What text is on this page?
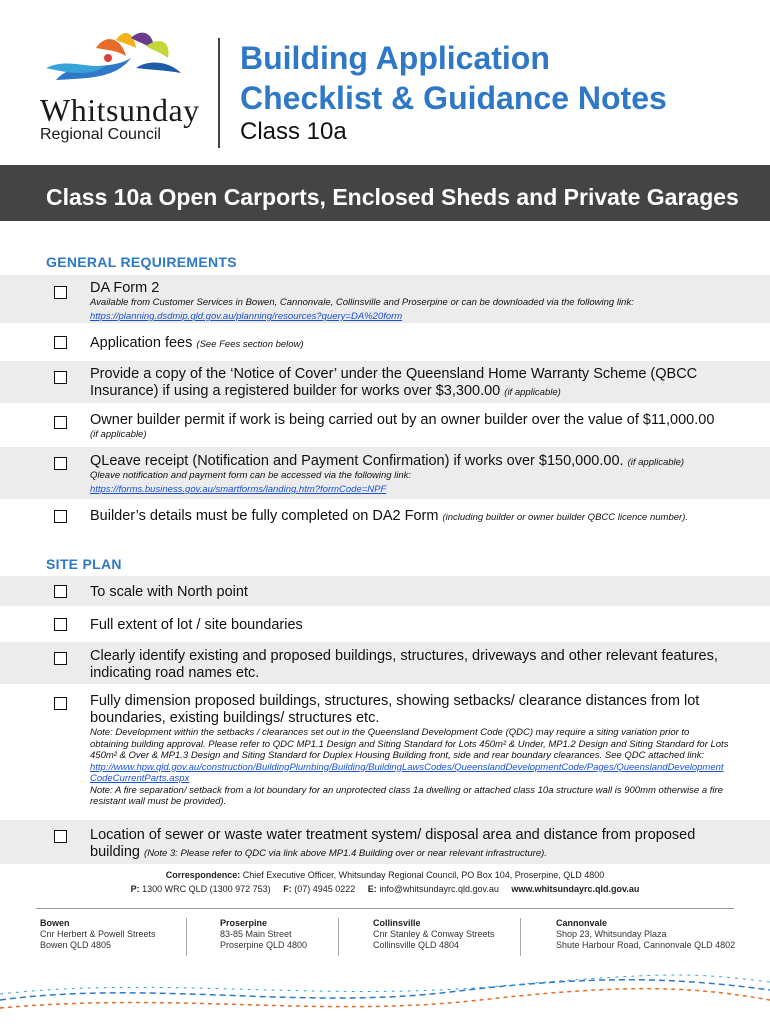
Whitsunday
Regional Council
Building Application
Checklist & Guidance Notes
Class 10a
Class 10a Open Carports, Enclosed Sheds and Private Garages
GENERAL REQUIREMENTS
DA Form 2
Available from Customer Services in Bowen, Cannonvale, Collinsville and Proserpine or can be downloaded via the following link:
https://planning.dsdmip.qld.gov.au/planning/resources?query=DA%20form
Application fees (See Fees section below)
Provide a copy of the ‘Notice of Cover’ under the Queensland Home Warranty Scheme (QBCC Insurance) if using a registered builder for works over $3,300.00 (if applicable)
Owner builder permit if work is being carried out by an owner builder over the value of $11,000.00
(if applicable)
QLeave receipt (Notification and Payment Confirmation) if works over $150,000.00. (if applicable)
Qleave notification and payment form can be accessed via the following link:
https://forms.business.gov.au/smartforms/landing.htm?formCode=NPF
Builder’s details must be fully completed on DA2 Form (including builder or owner builder QBCC licence number).
SITE PLAN
To scale with North point
Full extent of lot / site boundaries
Clearly identify existing and proposed buildings, structures, driveways and other relevant features, indicating road names etc.
Fully dimension proposed buildings, structures, showing setbacks/ clearance distances from lot boundaries, existing buildings/ structures etc.
Note: Development within the setbacks / clearances set out in the Queensland Development Code (QDC) may require a siting variation prior to obtaining building approval. Please refer to QDC MP1.1 Design and Siting Standard for Lots 450m² & Under, MP1.2 Design and Siting Standard for Lots 450m² & Over & MP1.3 Design and Siting Standard for Duplex Housing Building front, side and rear boundary clearances. See QDC attached link:
http://www.hpw.qld.gov.au/construction/BuildingPlumbing/Building/BuildingLawsCodes/QueenslandDevelopmentCode/Pages/QueenslandDevelopmentCodeCurrentParts.aspx
Note: A fire separation/ setback from a lot boundary for an unprotected class 1a dwelling or attached class 10a structure wall is 900mm otherwise a fire resistant wall must be provided).
Location of sewer or waste water treatment system/ disposal area and distance from proposed building (Note 3: Please refer to QDC via link above MP1.4 Building over or near relevant infrastructure).
Correspondence: Chief Executive Officer, Whitsunday Regional Council, PO Box 104, Proserpine, QLD 4800
P: 1300 WRC QLD (1300 972 753) F: (07) 4945 0222 E: info@whitsundayrc.qld.gov.au www.whitsundayrc.qld.gov.au
Bowen
Cnr Herbert & Powell Streets
Bowen QLD 4805
Proserpine
83-85 Main Street
Proserpine QLD 4800
Collinsville
Cnr Stanley & Conway Streets
Collinsville QLD 4804
Cannonvale
Shop 23, Whitsunday Plaza
Shute Harbour Road, Cannonvale QLD 4802
